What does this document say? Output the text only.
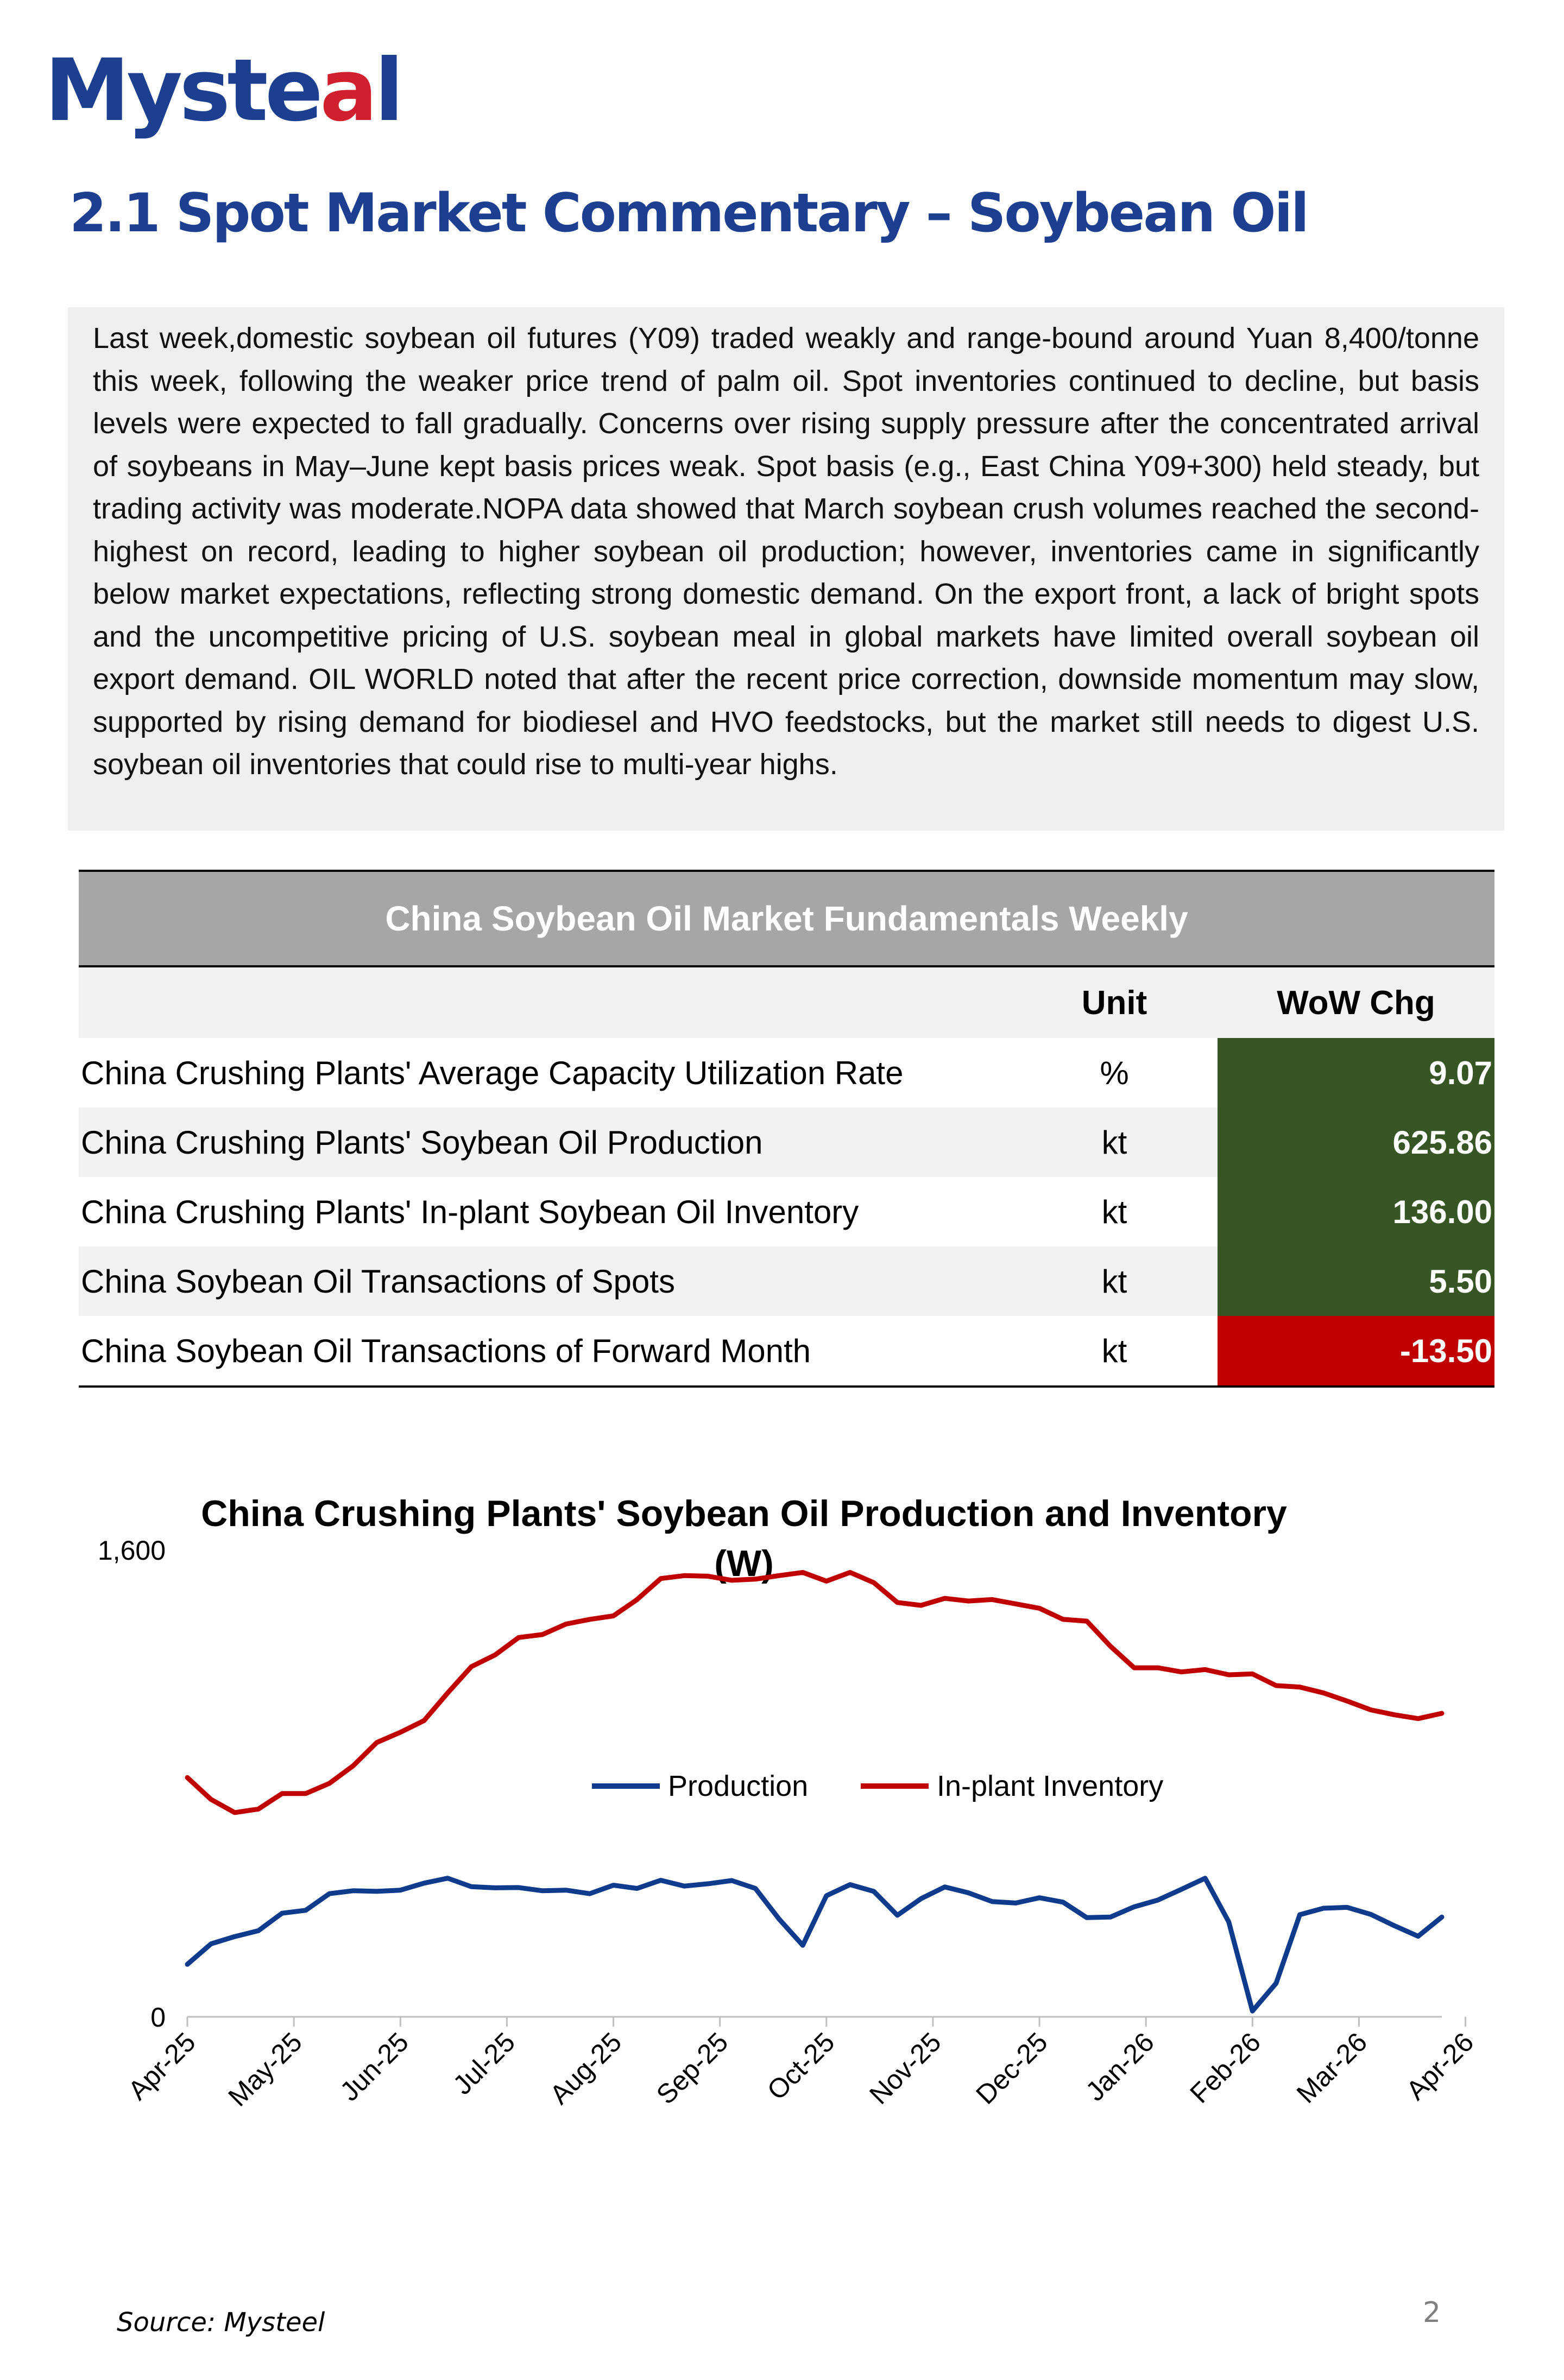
Mysteal
2.1 Spot Market Commentary – Soybean Oil
Last week,domestic soybean oil futures (Y09) traded weakly and range-bound around Yuan 8,400/tonne this week, following the weaker price trend of palm oil. Spot inventories continued to decline, but basis levels were expected to fall gradually. Concerns over rising supply pressure after the concentrated arrival of soybeans in May–June kept basis prices weak. Spot basis (e.g., East China Y09+300) held steady, but trading activity was moderate.NOPA data showed that March soybean crush volumes reached the second-highest on record, leading to higher soybean oil production; however, inventories came in significantly below market expectations, reflecting strong domestic demand. On the export front, a lack of bright spots and the uncompetitive pricing of U.S. soybean meal in global markets have limited overall soybean oil export demand. OIL WORLD noted that after the recent price correction, downside momentum may slow, supported by rising demand for biodiesel and HVO feedstocks, but the market still needs to digest U.S. soybean oil inventories that could rise to multi-year highs.
China Soybean Oil Market Fundamentals Weekly		
	Unit	WoW Chg
China Crushing Plants' Average Capacity Utilization Rate	%	9.07
China Crushing Plants' Soybean Oil Production	kt	625.86
China Crushing Plants' In-plant Soybean Oil Inventory	kt	136.00
China Soybean Oil Transactions of Spots	kt	5.50
China Soybean Oil Transactions of Forward Month	kt	-13.50
China Crushing Plants' Soybean Oil Production and Inventory (W)
0
1,600
Apr-25 May-25 Jun-25 Jul-25 Aug-25 Sep-25 Oct-25 Nov-25 Dec-25 Jan-26 Feb-26 Mar-26 Apr-26
Production	In-plant Inventory
Source: Mysteel	2
